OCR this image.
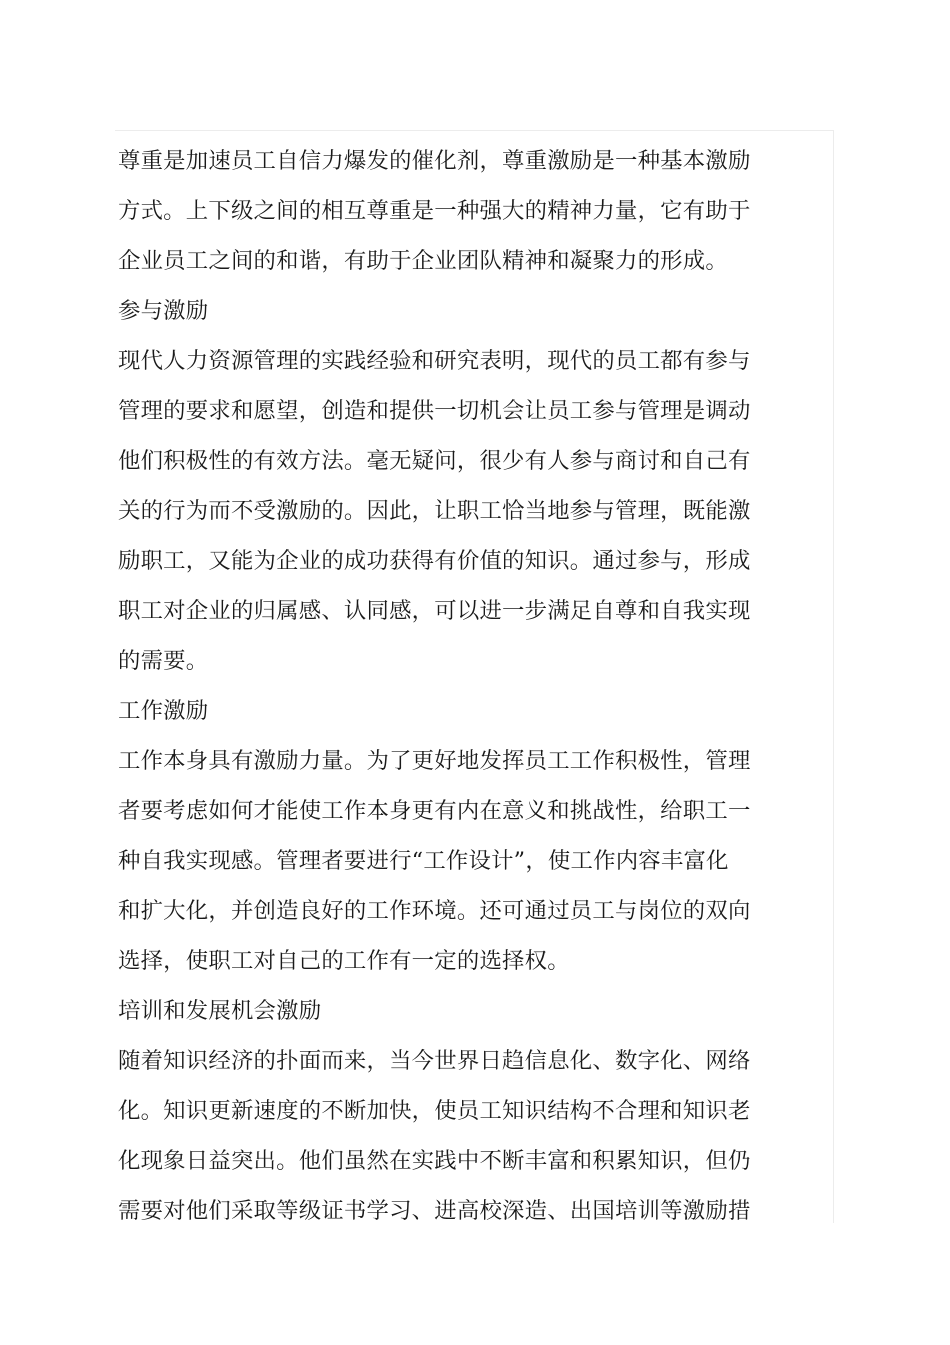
尊重是加速员工自信力爆发的催化剂，尊重激励是一种基本激励
方式。上下级之间的相互尊重是一种强大的精神力量，它有助于
企业员工之间的和谐，有助于企业团队精神和凝聚力的形成。
参与激励
现代人力资源管理的实践经验和研究表明，现代的员工都有参与
管理的要求和愿望，创造和提供一切机会让员工参与管理是调动
他们积极性的有效方法。毫无疑问，很少有人参与商讨和自己有
关的行为而不受激励的。因此，让职工恰当地参与管理，既能激
励职工，又能为企业的成功获得有价值的知识。通过参与，形成
职工对企业的归属感、认同感，可以进一步满足自尊和自我实现
的需要。
工作激励
工作本身具有激励力量。为了更好地发挥员工工作积极性，管理
者要考虑如何才能使工作本身更有内在意义和挑战性，给职工一
种自我实现感。管理者要进行“工作设计”，使工作内容丰富化
和扩大化，并创造良好的工作环境。还可通过员工与岗位的双向
选择，使职工对自己的工作有一定的选择权。
培训和发展机会激励
随着知识经济的扑面而来，当今世界日趋信息化、数字化、网络
化。知识更新速度的不断加快，使员工知识结构不合理和知识老
化现象日益突出。他们虽然在实践中不断丰富和积累知识，但仍
需要对他们采取等级证书学习、进高校深造、出国培训等激励措
